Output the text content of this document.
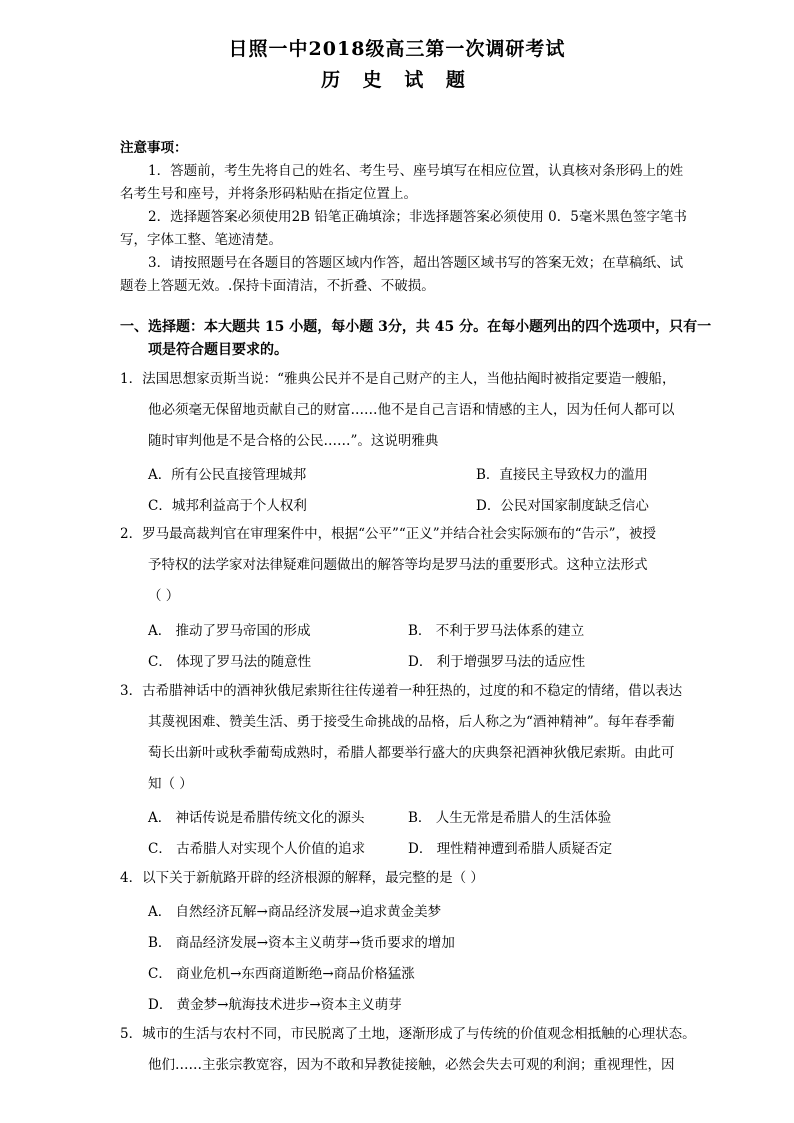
日照一中2018级高三第一次调研考试
历 史 试 题
注意事项：
1．答题前，考生先将自己的姓名、考生号、座号填写在相应位置，认真核对条形码上的姓
名考生号和座号，并将条形码粘贴在指定位置上。
2．选择题答案必须使用2B 铅笔正确填涂；非选择题答案必须使用 0．5毫米黑色签字笔书
写，字体工整、笔迹清楚。
3．请按照题号在各题目的答题区域内作答，超出答题区域书写的答案无效；在草稿纸、试
题卷上答题无效。.保持卡面清洁，不折叠、不破损。
一、选择题：本大题共 15 小题，每小题 3分，共 45 分。在每小题列出的四个选项中，只有一
项是符合题目要求的。
1．法国思想家贡斯当说：“雅典公民并不是自己财产的主人，当他拈阄时被指定要造一艘船，
他必须毫无保留地贡献自己的财富……他不是自己言语和情感的主人，因为任何人都可以
随时审判他是不是合格的公民……”。这说明雅典
A．所有公民直接管理城邦	B．直接民主导致权力的滥用
C．城邦利益高于个人权利	D．公民对国家制度缺乏信心
2．罗马最高裁判官在审理案件中，根据“公平”“正义”并结合社会实际颁布的“告示”，被授
予特权的法学家对法律疑难问题做出的解答等均是罗马法的重要形式。这种立法形式
（ ）
A． 推动了罗马帝国的形成	B． 不利于罗马法体系的建立
C． 体现了罗马法的随意性	D． 利于增强罗马法的适应性
3．古希腊神话中的酒神狄俄尼索斯往往传递着一种狂热的，过度的和不稳定的情绪，借以表达
其蔑视困难、赞美生活、勇于接受生命挑战的品格，后人称之为“酒神精神”。每年春季葡
萄长出新叶或秋季葡萄成熟时，希腊人都要举行盛大的庆典祭祀酒神狄俄尼索斯。由此可
知（ ）
A． 神话传说是希腊传统文化的源头	B． 人生无常是希腊人的生活体验
C． 古希腊人对实现个人价值的追求	D． 理性精神遭到希腊人质疑否定
4．以下关于新航路开辟的经济根源的解释，最完整的是（ ）
A． 自然经济瓦解→商品经济发展→追求黄金美梦
B． 商品经济发展→资本主义萌芽→货币要求的增加
C． 商业危机→东西商道断绝→商品价格猛涨
D． 黄金梦→航海技术进步→资本主义萌芽
5．城市的生活与农村不同，市民脱离了土地，逐渐形成了与传统的价值观念相抵触的心理状态。
他们……主张宗教宽容，因为不敢和异教徒接触，必然会失去可观的利润；重视理性，因
